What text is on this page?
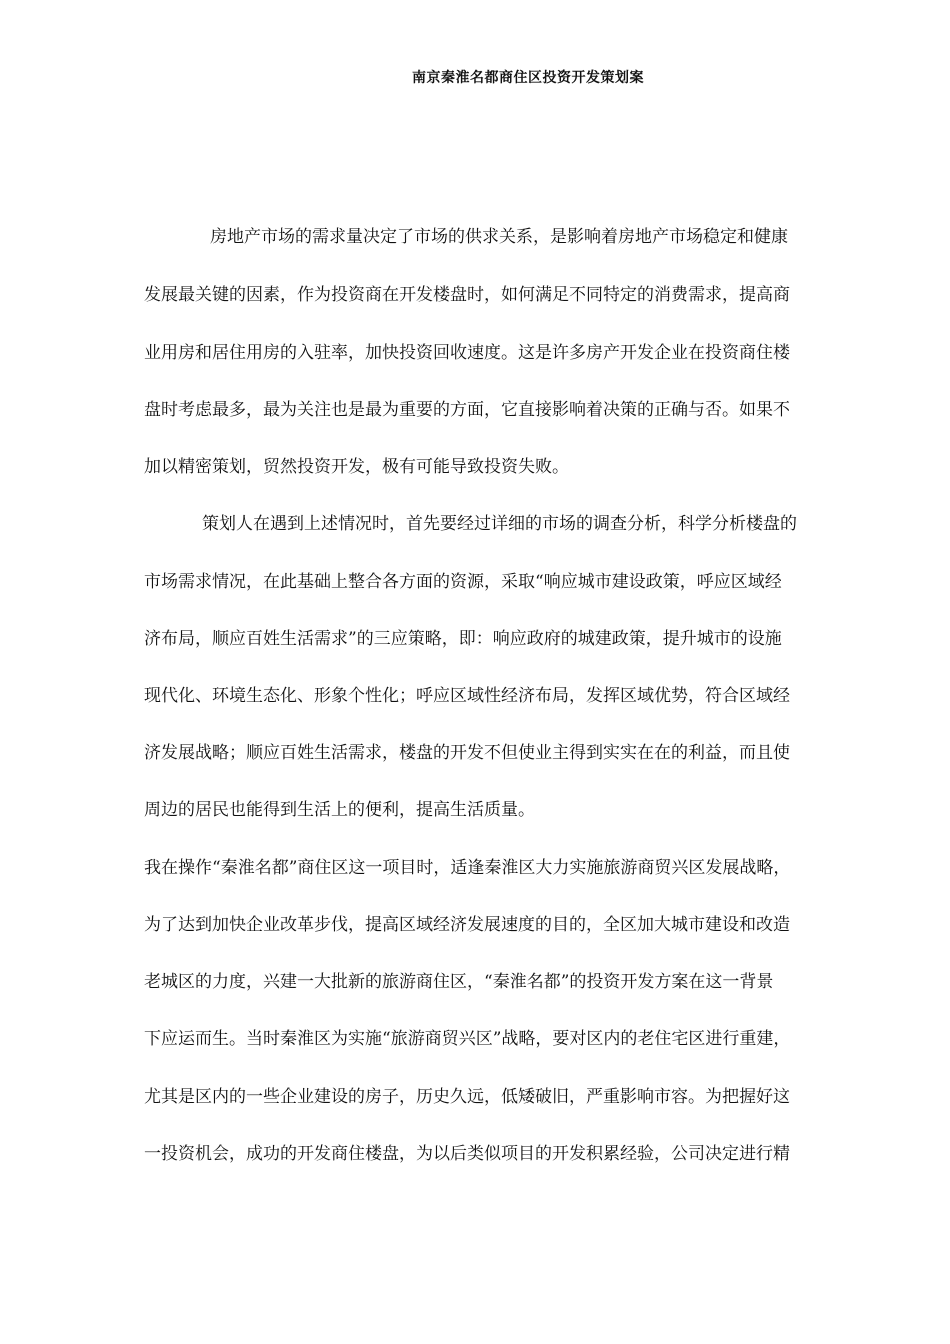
南京秦淮名都商住区投资开发策划案

房地产市场的需求量决定了市场的供求关系，是影响着房地产市场稳定和健康

发展最关键的因素，作为投资商在开发楼盘时，如何满足不同特定的消费需求，提高商

业用房和居住用房的入驻率，加快投资回收速度。这是许多房产开发企业在投资商住楼

盘时考虑最多，最为关注也是最为重要的方面，它直接影响着决策的正确与否。如果不

加以精密策划，贸然投资开发，极有可能导致投资失败。

策划人在遇到上述情况时，首先要经过详细的市场的调查分析，科学分析楼盘的

市场需求情况，在此基础上整合各方面的资源，采取“响应城市建设政策，呼应区域经

济布局，顺应百姓生活需求”的三应策略，即：响应政府的城建政策，提升城市的设施

现代化、环境生态化、形象个性化；呼应区域性经济布局，发挥区域优势，符合区域经

济发展战略；顺应百姓生活需求，楼盘的开发不但使业主得到实实在在的利益，而且使

周边的居民也能得到生活上的便利，提高生活质量。

我在操作“秦淮名都”商住区这一项目时，适逢秦淮区大力实施旅游商贸兴区发展战略，

为了达到加快企业改革步伐，提高区域经济发展速度的目的，全区加大城市建设和改造

老城区的力度，兴建一大批新的旅游商住区，“秦淮名都”的投资开发方案在这一背景

下应运而生。当时秦淮区为实施“旅游商贸兴区”战略，要对区内的老住宅区进行重建，

尤其是区内的一些企业建设的房子，历史久远，低矮破旧，严重影响市容。为把握好这

一投资机会，成功的开发商住楼盘，为以后类似项目的开发积累经验，公司决定进行精
